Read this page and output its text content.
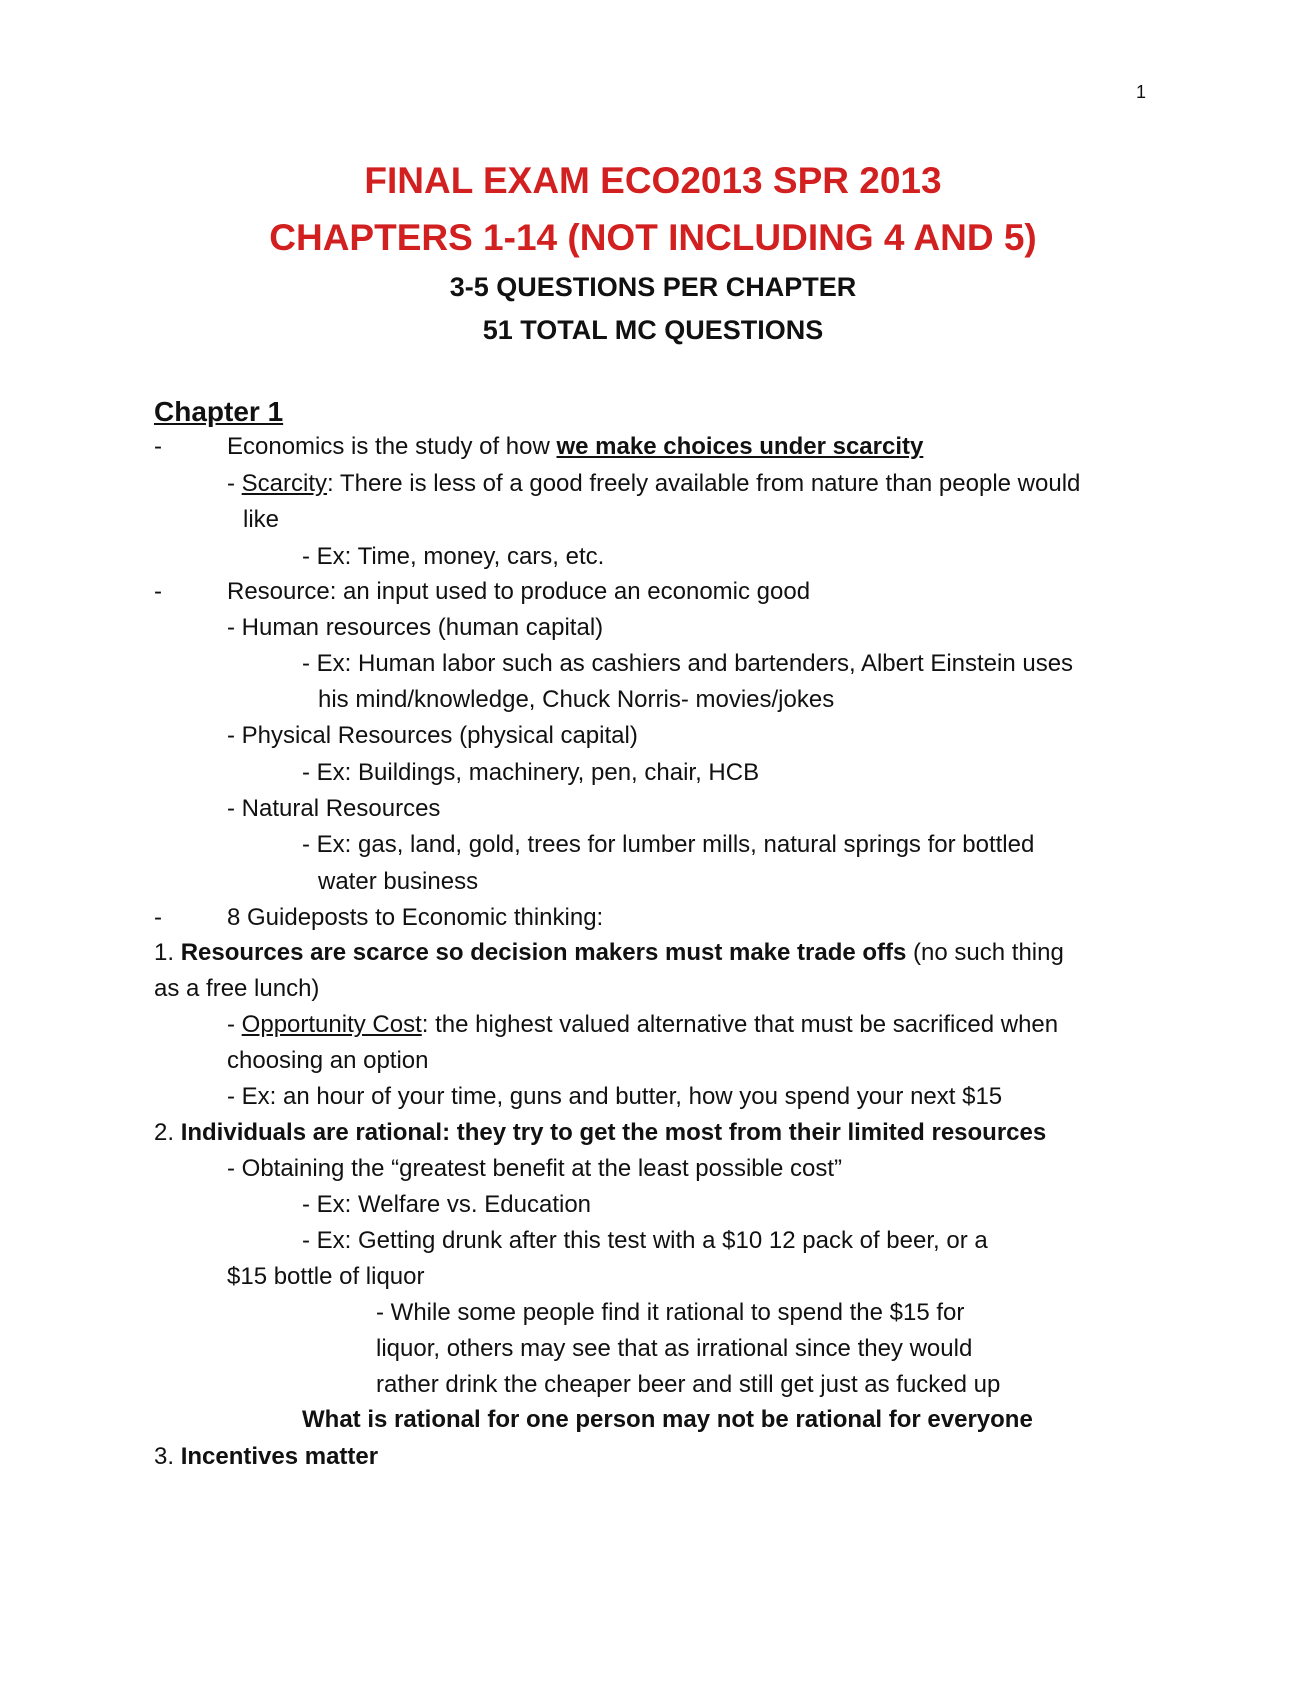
1
FINAL EXAM ECO2013 SPR 2013
CHAPTERS 1-14 (NOT INCLUDING 4 AND 5)
3-5 QUESTIONS PER CHAPTER
51 TOTAL MC QUESTIONS
Chapter 1
-	Economics is the study of how we make choices under scarcity
- Scarcity: There is less of a good freely available from nature than people would
like
- Ex: Time, money, cars, etc.
-	Resource: an input used to produce an economic good
- Human resources (human capital)
- Ex: Human labor such as cashiers and bartenders, Albert Einstein uses
his mind/knowledge, Chuck Norris- movies/jokes
- Physical Resources (physical capital)
- Ex: Buildings, machinery, pen, chair, HCB
- Natural Resources
- Ex: gas, land, gold, trees for lumber mills, natural springs for bottled
water business
-	8 Guideposts to Economic thinking:
1. Resources are scarce so decision makers must make trade offs (no such thing
as a free lunch)
- Opportunity Cost: the highest valued alternative that must be sacrificed when
choosing an option
- Ex: an hour of your time, guns and butter, how you spend your next $15
2. Individuals are rational: they try to get the most from their limited resources
- Obtaining the “greatest benefit at the least possible cost”
- Ex: Welfare vs. Education
- Ex: Getting drunk after this test with a $10 12 pack of beer, or a
$15 bottle of liquor
- While some people find it rational to spend the $15 for
liquor, others may see that as irrational since they would
rather drink the cheaper beer and still get just as fucked up
What is rational for one person may not be rational for everyone
3. Incentives matter
